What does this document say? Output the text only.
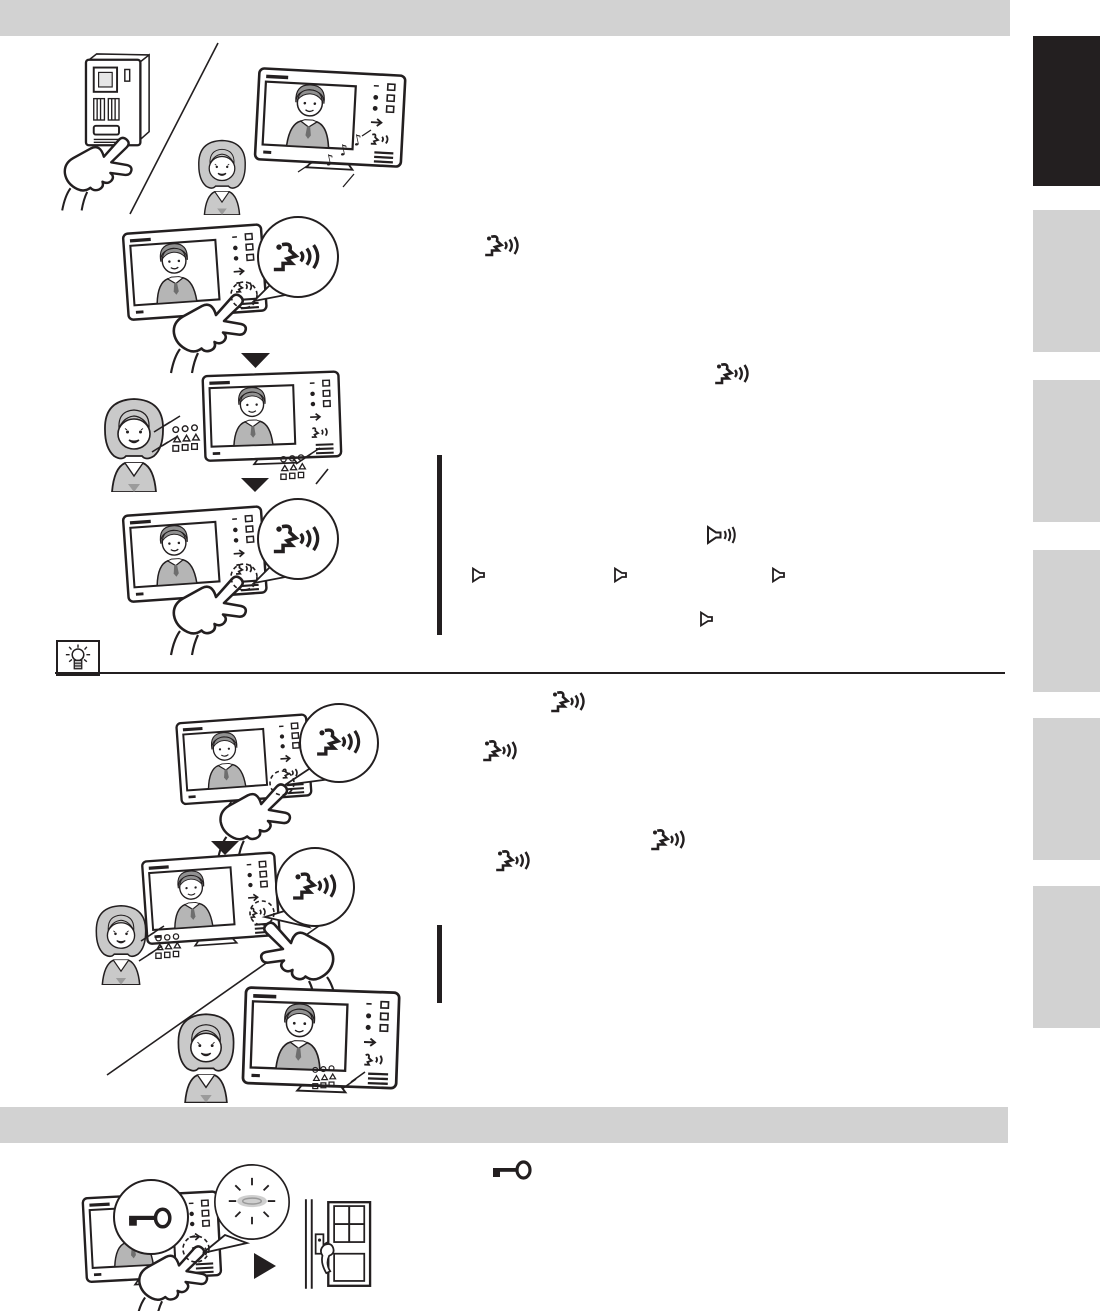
♪
♪
♪
